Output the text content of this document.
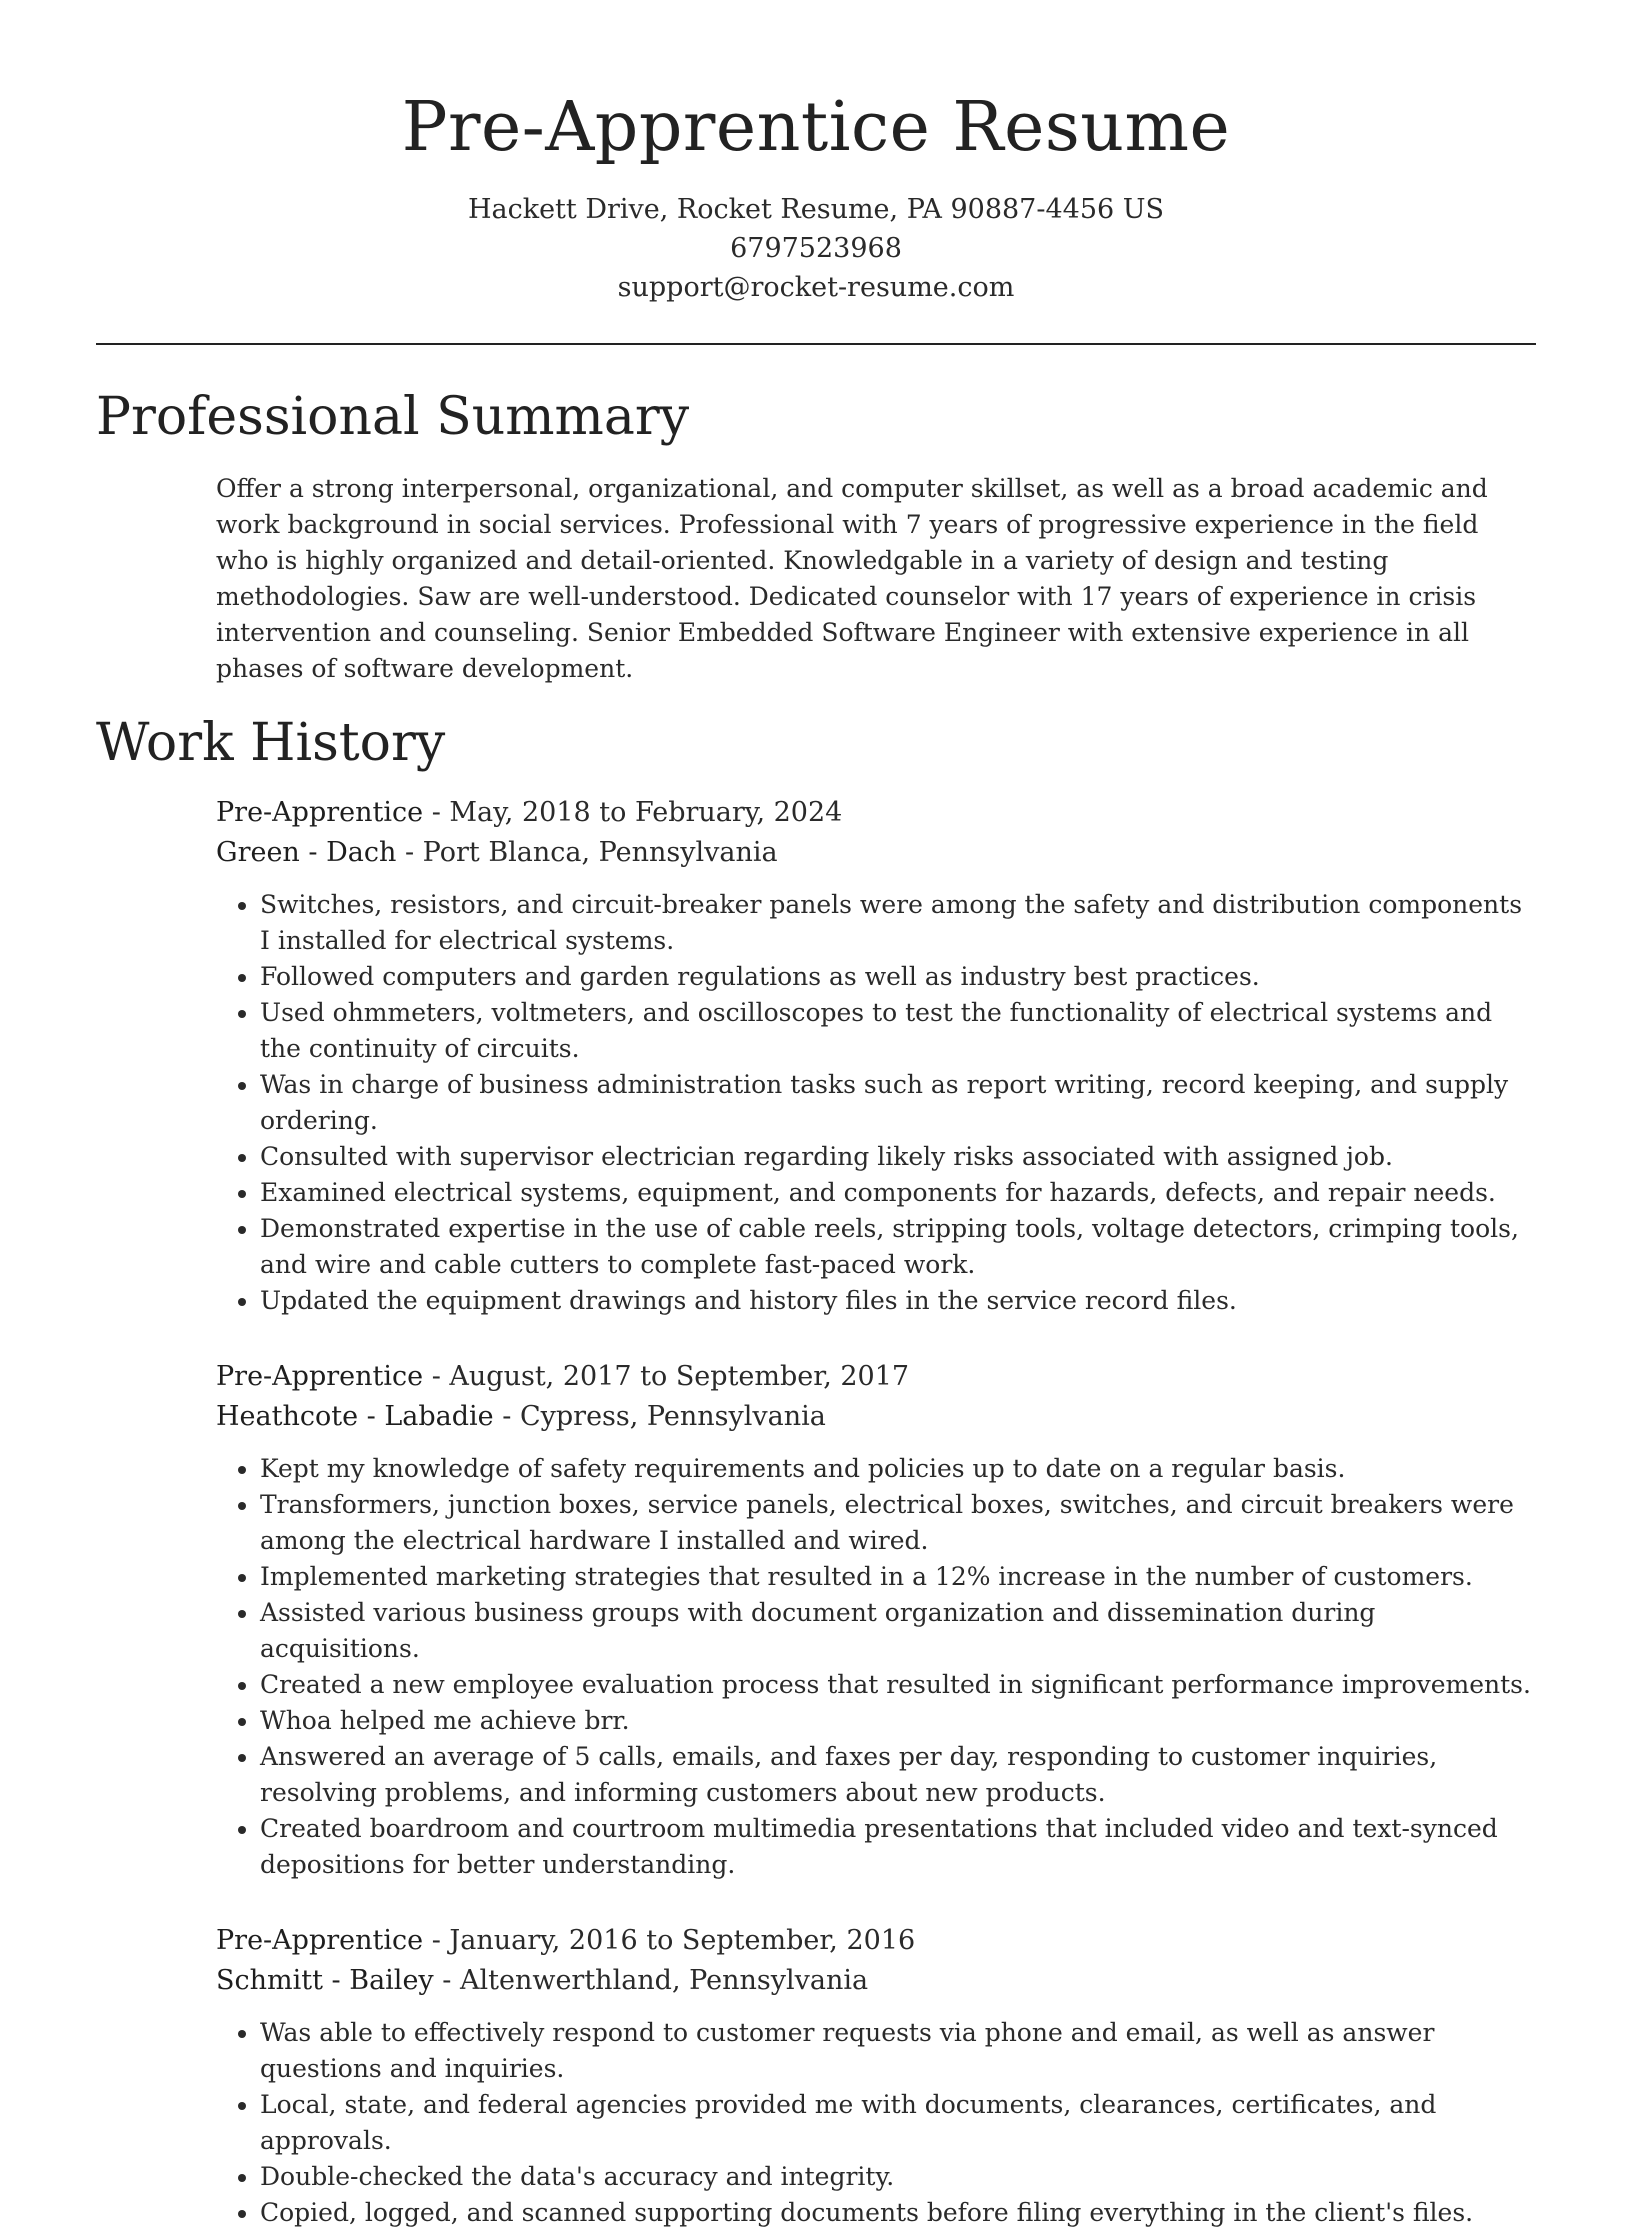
Pre-Apprentice Resume
Hackett Drive, Rocket Resume, PA 90887-4456 US
6797523968
support@rocket-resume.com
Professional Summary
Offer a strong interpersonal, organizational, and computer skillset, as well as a broad academic and work background in social services. Professional with 7 years of progressive experience in the field who is highly organized and detail-oriented. Knowledgable in a variety of design and testing methodologies. Saw are well-understood. Dedicated counselor with 17 years of experience in crisis intervention and counseling. Senior Embedded Software Engineer with extensive experience in all phases of software development.
Work History
Pre-Apprentice - May, 2018 to February, 2024
Green - Dach - Port Blanca, Pennsylvania
• Switches, resistors, and circuit-breaker panels were among the safety and distribution components I installed for electrical systems.
• Followed computers and garden regulations as well as industry best practices.
• Used ohmmeters, voltmeters, and oscilloscopes to test the functionality of electrical systems and the continuity of circuits.
• Was in charge of business administration tasks such as report writing, record keeping, and supply ordering.
• Consulted with supervisor electrician regarding likely risks associated with assigned job.
• Examined electrical systems, equipment, and components for hazards, defects, and repair needs.
• Demonstrated expertise in the use of cable reels, stripping tools, voltage detectors, crimping tools, and wire and cable cutters to complete fast-paced work.
• Updated the equipment drawings and history files in the service record files.
Pre-Apprentice - August, 2017 to September, 2017
Heathcote - Labadie - Cypress, Pennsylvania
• Kept my knowledge of safety requirements and policies up to date on a regular basis.
• Transformers, junction boxes, service panels, electrical boxes, switches, and circuit breakers were among the electrical hardware I installed and wired.
• Implemented marketing strategies that resulted in a 12% increase in the number of customers.
• Assisted various business groups with document organization and dissemination during acquisitions.
• Created a new employee evaluation process that resulted in significant performance improvements.
• Whoa helped me achieve brr.
• Answered an average of 5 calls, emails, and faxes per day, responding to customer inquiries, resolving problems, and informing customers about new products.
• Created boardroom and courtroom multimedia presentations that included video and text-synced depositions for better understanding.
Pre-Apprentice - January, 2016 to September, 2016
Schmitt - Bailey - Altenwerthland, Pennsylvania
• Was able to effectively respond to customer requests via phone and email, as well as answer questions and inquiries.
• Local, state, and federal agencies provided me with documents, clearances, certificates, and approvals.
• Double-checked the data's accuracy and integrity.
• Copied, logged, and scanned supporting documents before filing everything in the client's files.
